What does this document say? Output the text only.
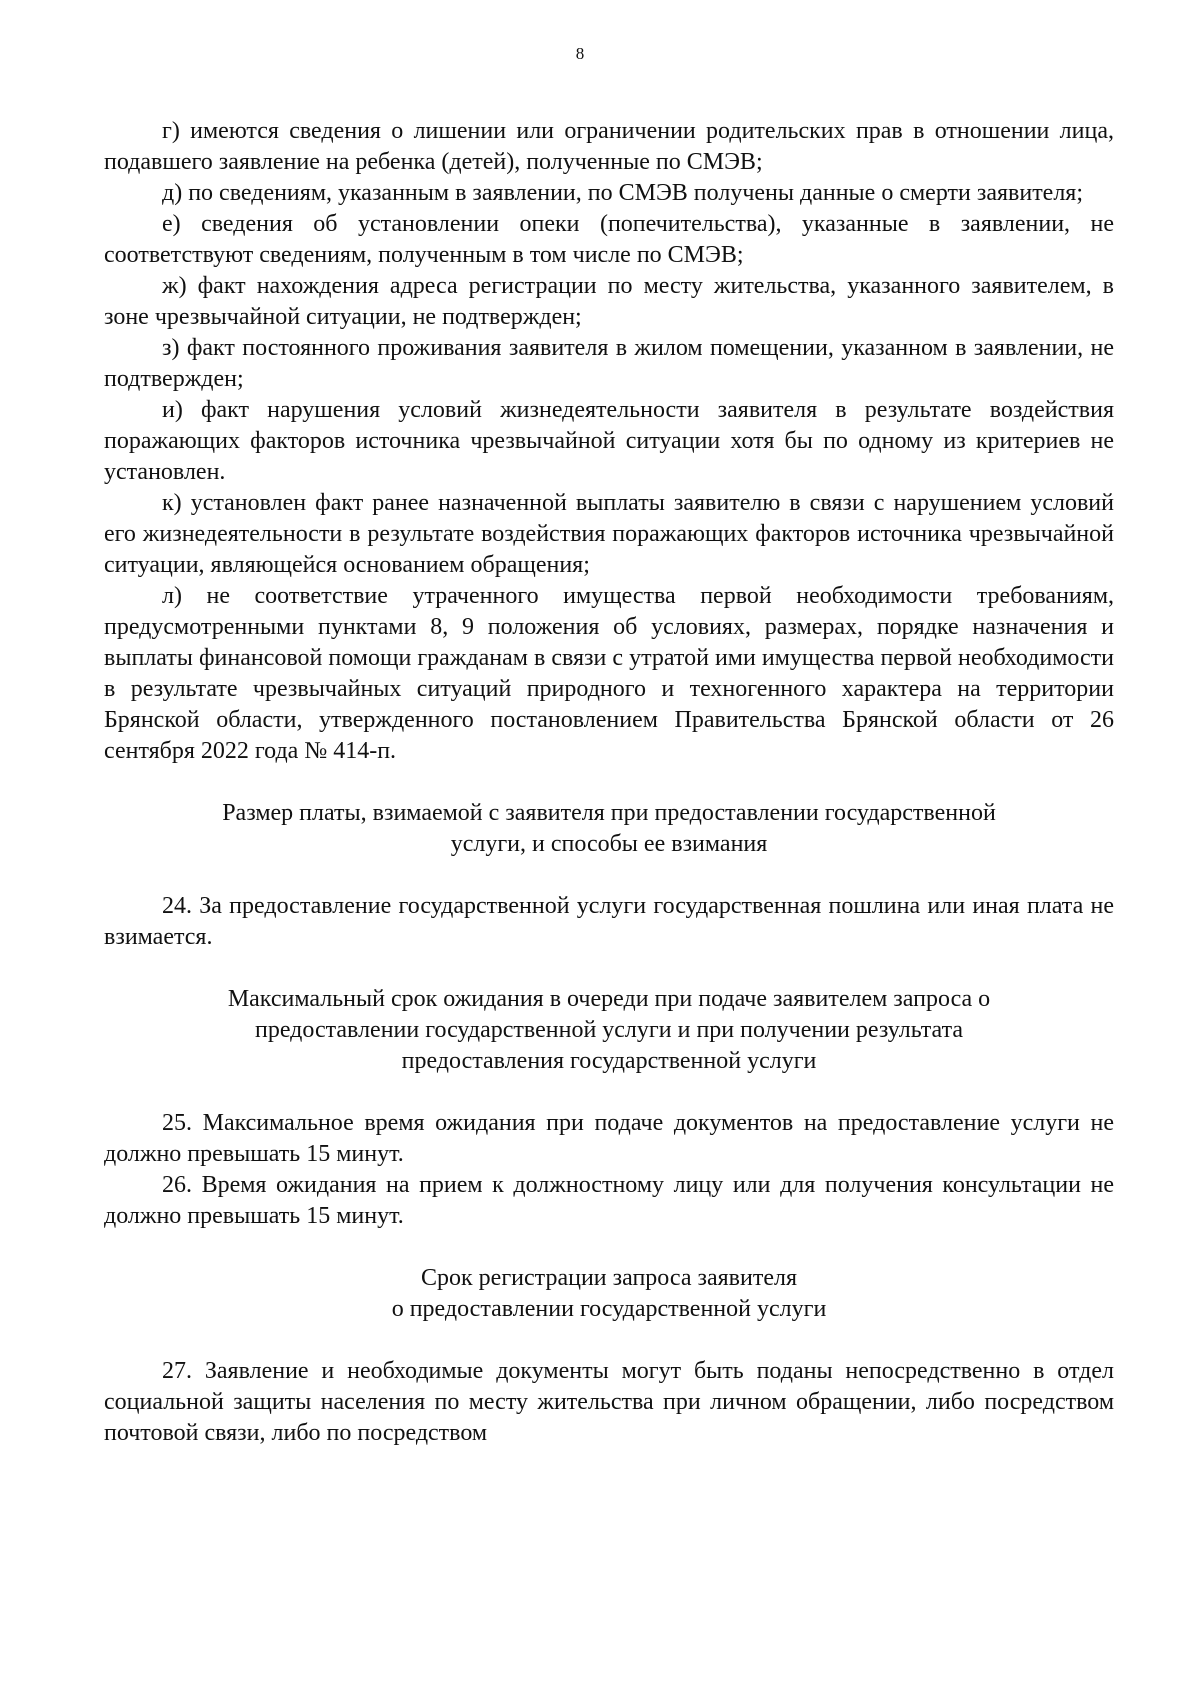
8

г) имеются сведения о лишении или ограничении родительских прав в отношении лица, подавшего заявление на ребенка (детей), полученные по СМЭВ;

д) по сведениям, указанным в заявлении, по СМЭВ получены данные о смерти заявителя;

е) сведения об установлении опеки (попечительства), указанные в заявлении, не соответствуют сведениям, полученным в том числе по СМЭВ;

ж) факт нахождения адреса регистрации по месту жительства, указанного заявителем, в зоне чрезвычайной ситуации, не подтвержден;

з) факт постоянного проживания заявителя в жилом помещении, указанном в заявлении, не подтвержден;

и) факт нарушения условий жизнедеятельности заявителя в результате воздействия поражающих факторов источника чрезвычайной ситуации хотя бы по одному из критериев не установлен.

к) установлен факт ранее назначенной выплаты заявителю в связи с нарушением условий его жизнедеятельности в результате воздействия поражающих факторов источника чрезвычайной ситуации, являющейся основанием обращения;

л) не соответствие утраченного имущества первой необходимости требованиям, предусмотренными пунктами 8, 9 положения об условиях, размерах, порядке назначения и выплаты финансовой помощи гражданам в связи с утратой ими имущества первой необходимости в результате чрезвычайных ситуаций природного и техногенного характера на территории Брянской области, утвержденного постановлением Правительства Брянской области от 26 сентября 2022 года № 414-п.

Размер платы, взимаемой с заявителя при предоставлении государственной
услуги, и способы ее взимания

24. За предоставление государственной услуги государственная пошлина или иная плата не взимается.

Максимальный срок ожидания в очереди при подаче заявителем запроса о
предоставлении государственной услуги и при получении результата
предоставления государственной услуги

25. Максимальное время ожидания при подаче документов на предоставление услуги не должно превышать 15 минут.

26. Время ожидания на прием к должностному лицу или для получения консультации не должно превышать 15 минут.

Срок регистрации запроса заявителя
о предоставлении государственной услуги

27. Заявление и необходимые документы могут быть поданы непосредственно в отдел социальной защиты населения по месту жительства при личном обращении, либо посредством почтовой связи, либо по посредством
